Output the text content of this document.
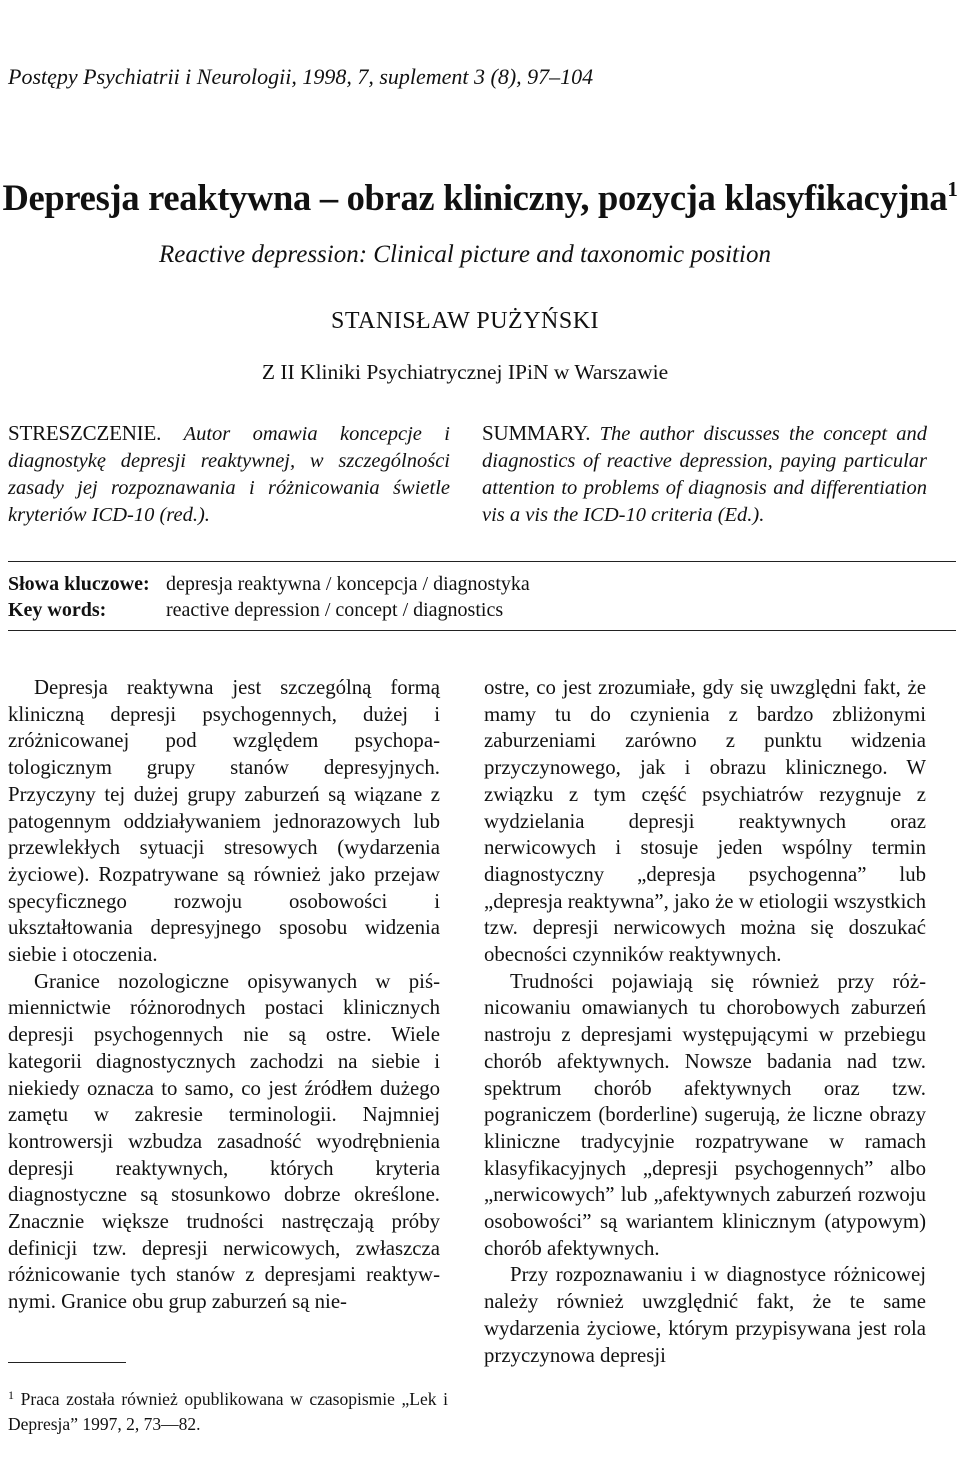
Postępy Psychiatrii i Neurologii, 1998, 7, suplement 3 (8), 97–104
Depresja reaktywna – obraz kliniczny, pozycja klasyfikacyjna$^1$
Reactive depression: Clinical picture and taxonomic position
STANISŁAW PUŻYŃSKI
Z II Kliniki Psychiatrycznej IPiN w Warszawie
STRESZCZENIE. Autor omawia koncepcje i diagnostykę depresji reaktywnej, w szczególności zasady jej rozpoznawania i różnicowania świetle kryteriów ICD-10 (red.).
SUMMARY. The author discusses the concept and diagnostics of reactive depression, paying particular attention to problems of diagnosis and differentiation vis a vis the ICD-10 criteria (Ed.).
Słowa kluczowe: depresja reaktywna / koncepcja / diagnostyka
Key words:	reactive depression / concept / diagnostics

Depresja reaktywna jest szczególną formą kliniczną depresji psychogennych, dużej i zróżnicowanej pod względem psychopatologicznym grupy stanów depresyjnych. Przyczyny tej dużej grupy zaburzeń są wiązane z patogennym oddziaływaniem jednorazowych lub przewlekłych sytuacji stresowych (wydarzenia życiowe). Rozpatrywane są również jako przejaw specyficznego rozwoju osobowości i ukształtowania depresyjnego sposobu widzenia siebie i otoczenia.

Granice nozologiczne opisywanych w piśmiennictwie różnorodnych postaci klinicznych depresji psychogennych nie są ostre. Wiele kategorii diagnostycznych zachodzi na siebie i niekiedy oznacza to samo, co jest źródłem dużego zamętu w zakresie terminologii. Najmniej kontrowersji wzbudza zasadność wyodrębnienia depresji reaktywnych, których kryteria diagnostyczne są stosunkowo dobrze określone. Znacznie większe trudności nastręczają próby definicji tzw. depresji nerwicowych, zwłaszcza różnicowanie tych stanów z depresjami reaktywnymi. Granice obu grup zaburzeń są nie-

ostre, co jest zrozumiałe, gdy się uwzględni fakt, że mamy tu do czynienia z bardzo zbliżonymi zaburzeniami zarówno z punktu widzenia przyczynowego, jak i obrazu klinicznego. W związku z tym część psychiatrów rezygnuje z wydzielania depresji reaktywnych oraz nerwicowych i stosuje jeden wspólny termin diagnostyczny „depresja psychogenna” lub „depresja reaktywna”, jako że w etiologii wszystkich tzw. depresji nerwicowych można się doszukać obecności czynników reaktywnych.

Trudności pojawiają się również przy różnicowaniu omawianych tu chorobowych zaburzeń nastroju z depresjami występującymi w przebiegu chorób afektywnych. Nowsze badania nad tzw. spektrum chorób afektywnych oraz tzw. pograniczem (borderline) sugerują, że liczne obrazy kliniczne tradycyjnie rozpatrywane w ramach klasyfikacyjnych „depresji psychogennych” albo „nerwicowych” lub „afektywnych zaburzeń rozwoju osobowości” są wariantem klinicznym (atypowym) chorób afektywnych.

Przy rozpoznawaniu i w diagnostyce różnicowej należy również uwzględnić fakt, że te same wydarzenia życiowe, którym przypisywana jest rola przyczynowa depresji

$^1$ Praca została również opublikowana w czasopismie „Lek i Depresja” 1997, 2, 73—82.
